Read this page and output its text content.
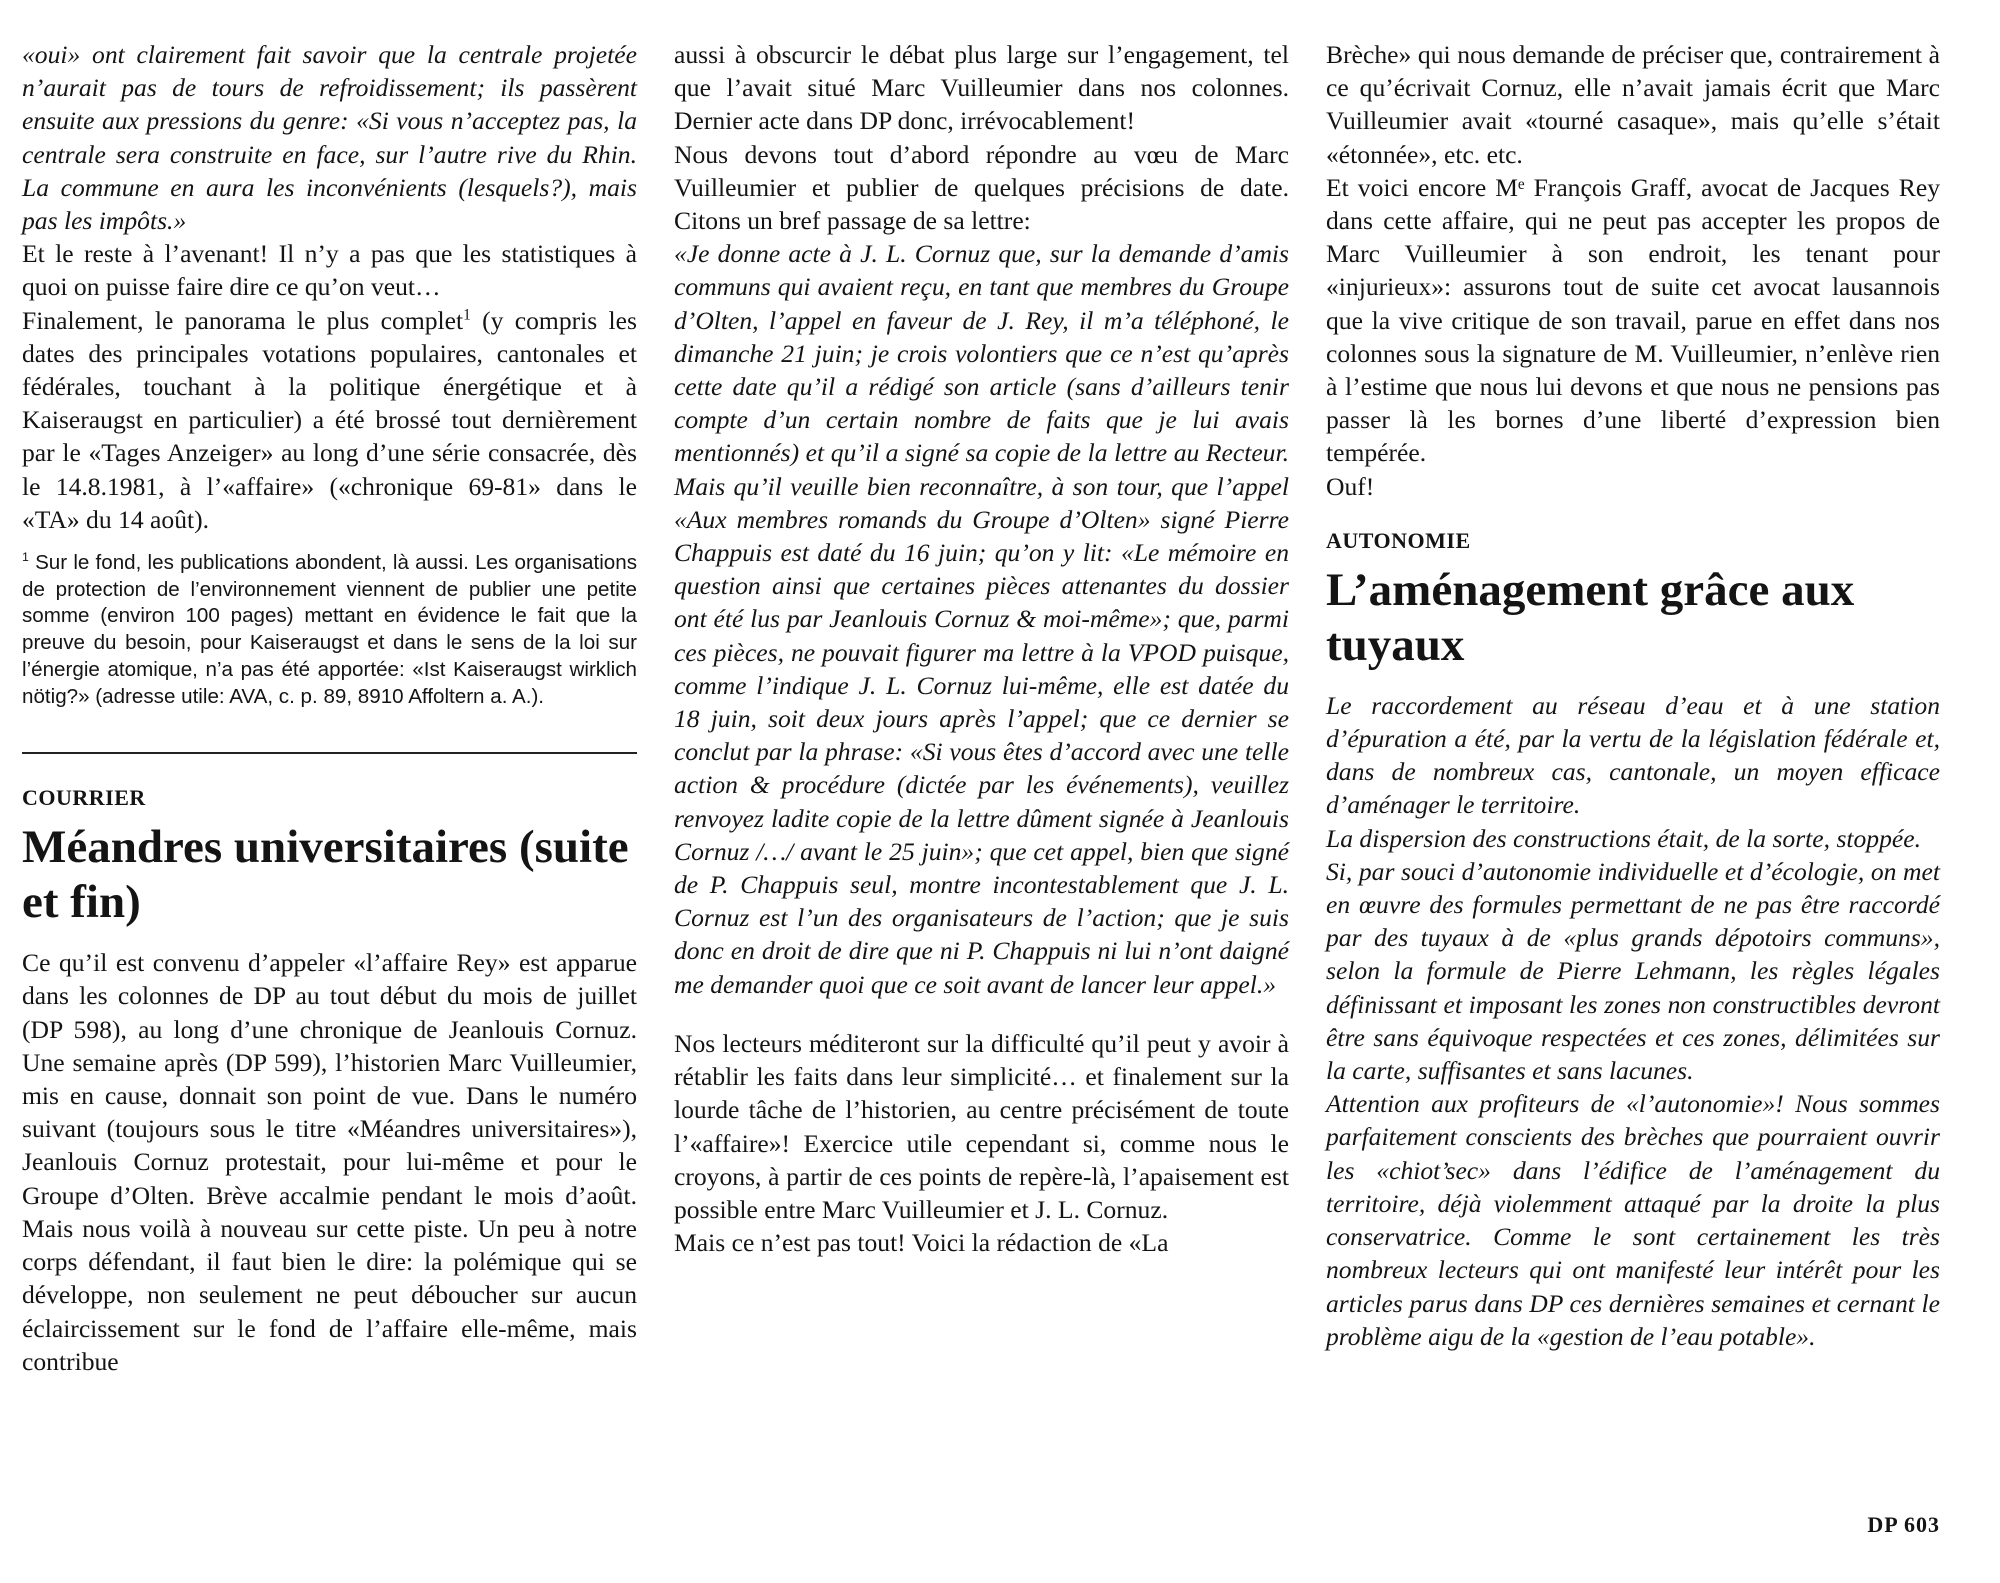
«oui» ont clairement fait savoir que la centrale projetée n’aurait pas de tours de refroidissement; ils passèrent ensuite aux pressions du genre: «Si vous n’acceptez pas, la centrale sera construite en face, sur l’autre rive du Rhin. La commune en aura les inconvénients (lesquels?), mais pas les impôts.»

Et le reste à l’avenant! Il n’y a pas que les statistiques à quoi on puisse faire dire ce qu’on veut…

Finalement, le panorama le plus complet$^1$ (y compris les dates des principales votations populaires, cantonales et fédérales, touchant à la politique énergétique et à Kaiseraugst en particulier) a été brossé tout dernièrement par le «Tages Anzeiger» au long d’une série consacrée, dès le 14.8.1981, à l’«affaire» («chronique 69-81» dans le «TA» du 14 août).

$^1$ Sur le fond, les publications abondent, là aussi. Les organisations de protection de l’environnement viennent de publier une petite somme (environ 100 pages) mettant en évidence le fait que la preuve du besoin, pour Kaiseraugst et dans le sens de la loi sur l’énergie atomique, n’a pas été apportée: «Ist Kaiseraugst wirklich nötig?» (adresse utile: AVA, c. p. 89, 8910 Affoltern a. A.).

COURRIER

Méandres universitaires (suite et fin)

Ce qu’il est convenu d’appeler «l’affaire Rey» est apparue dans les colonnes de DP au tout début du mois de juillet (DP 598), au long d’une chronique de Jeanlouis Cornuz. Une semaine après (DP 599), l’historien Marc Vuilleumier, mis en cause, donnait son point de vue. Dans le numéro suivant (toujours sous le titre «Méandres universitaires»), Jeanlouis Cornuz protestait, pour lui-même et pour le Groupe d’Olten. Brève accalmie pendant le mois d’août. Mais nous voilà à nouveau sur cette piste. Un peu à notre corps défendant, il faut bien le dire: la polémique qui se développe, non seulement ne peut déboucher sur aucun éclaircissement sur le fond de l’affaire elle-même, mais contribue

aussi à obscurcir le débat plus large sur l’engagement, tel que l’avait situé Marc Vuilleumier dans nos colonnes. Dernier acte dans DP donc, irrévocablement!

Nous devons tout d’abord répondre au vœu de Marc Vuilleumier et publier de quelques précisions de date. Citons un bref passage de sa lettre:

«Je donne acte à J. L. Cornuz que, sur la demande d’amis communs qui avaient reçu, en tant que membres du Groupe d’Olten, l’appel en faveur de J. Rey, il m’a téléphoné, le dimanche 21 juin; je crois volontiers que ce n’est qu’après cette date qu’il a rédigé son article (sans d’ailleurs tenir compte d’un certain nombre de faits que je lui avais mentionnés) et qu’il a signé sa copie de la lettre au Recteur. Mais qu’il veuille bien reconnaître, à son tour, que l’appel «Aux membres romands du Groupe d’Olten» signé Pierre Chappuis est daté du 16 juin; qu’on y lit: «Le mémoire en question ainsi que certaines pièces attenantes du dossier ont été lus par Jeanlouis Cornuz & moi-même»; que, parmi ces pièces, ne pouvait figurer ma lettre à la VPOD puisque, comme l’indique J. L. Cornuz lui-même, elle est datée du 18 juin, soit deux jours après l’appel; que ce dernier se conclut par la phrase: «Si vous êtes d’accord avec une telle action & procédure (dictée par les événements), veuillez renvoyez ladite copie de la lettre dûment signée à Jeanlouis Cornuz /…/ avant le 25 juin»; que cet appel, bien que signé de P. Chappuis seul, montre incontestablement que J. L. Cornuz est l’un des organisateurs de l’action; que je suis donc en droit de dire que ni P. Chappuis ni lui n’ont daigné me demander quoi que ce soit avant de lancer leur appel.»

Nos lecteurs méditeront sur la difficulté qu’il peut y avoir à rétablir les faits dans leur simplicité… et finalement sur la lourde tâche de l’historien, au centre précisément de toute l’«affaire»! Exercice utile cependant si, comme nous le croyons, à partir de ces points de repère-là, l’apaisement est possible entre Marc Vuilleumier et J. L. Cornuz.

Mais ce n’est pas tout! Voici la rédaction de «La

Brèche» qui nous demande de préciser que, contrairement à ce qu’écrivait Cornuz, elle n’avait jamais écrit que Marc Vuilleumier avait «tourné casaque», mais qu’elle s’était «étonnée», etc. etc.

Et voici encore Mᵉ François Graff, avocat de Jacques Rey dans cette affaire, qui ne peut pas accepter les propos de Marc Vuilleumier à son endroit, les tenant pour «injurieux»: assurons tout de suite cet avocat lausannois que la vive critique de son travail, parue en effet dans nos colonnes sous la signature de M. Vuilleumier, n’enlève rien à l’estime que nous lui devons et que nous ne pensions pas passer là les bornes d’une liberté d’expression bien tempérée.

Ouf!

AUTONOMIE

L’aménagement grâce aux tuyaux

Le raccordement au réseau d’eau et à une station d’épuration a été, par la vertu de la législation fédérale et, dans de nombreux cas, cantonale, un moyen efficace d’aménager le territoire.

La dispersion des constructions était, de la sorte, stoppée.

Si, par souci d’autonomie individuelle et d’écologie, on met en œuvre des formules permettant de ne pas être raccordé par des tuyaux à de «plus grands dépotoirs communs», selon la formule de Pierre Lehmann, les règles légales définissant et imposant les zones non constructibles devront être sans équivoque respectées et ces zones, délimitées sur la carte, suffisantes et sans lacunes.

Attention aux profiteurs de «l’autonomie»! Nous sommes parfaitement conscients des brèches que pourraient ouvrir les «chiot’sec» dans l’édifice de l’aménagement du territoire, déjà violemment attaqué par la droite la plus conservatrice. Comme le sont certainement les très nombreux lecteurs qui ont manifesté leur intérêt pour les articles parus dans DP ces dernières semaines et cernant le problème aigu de la «gestion de l’eau potable».

DP 603
